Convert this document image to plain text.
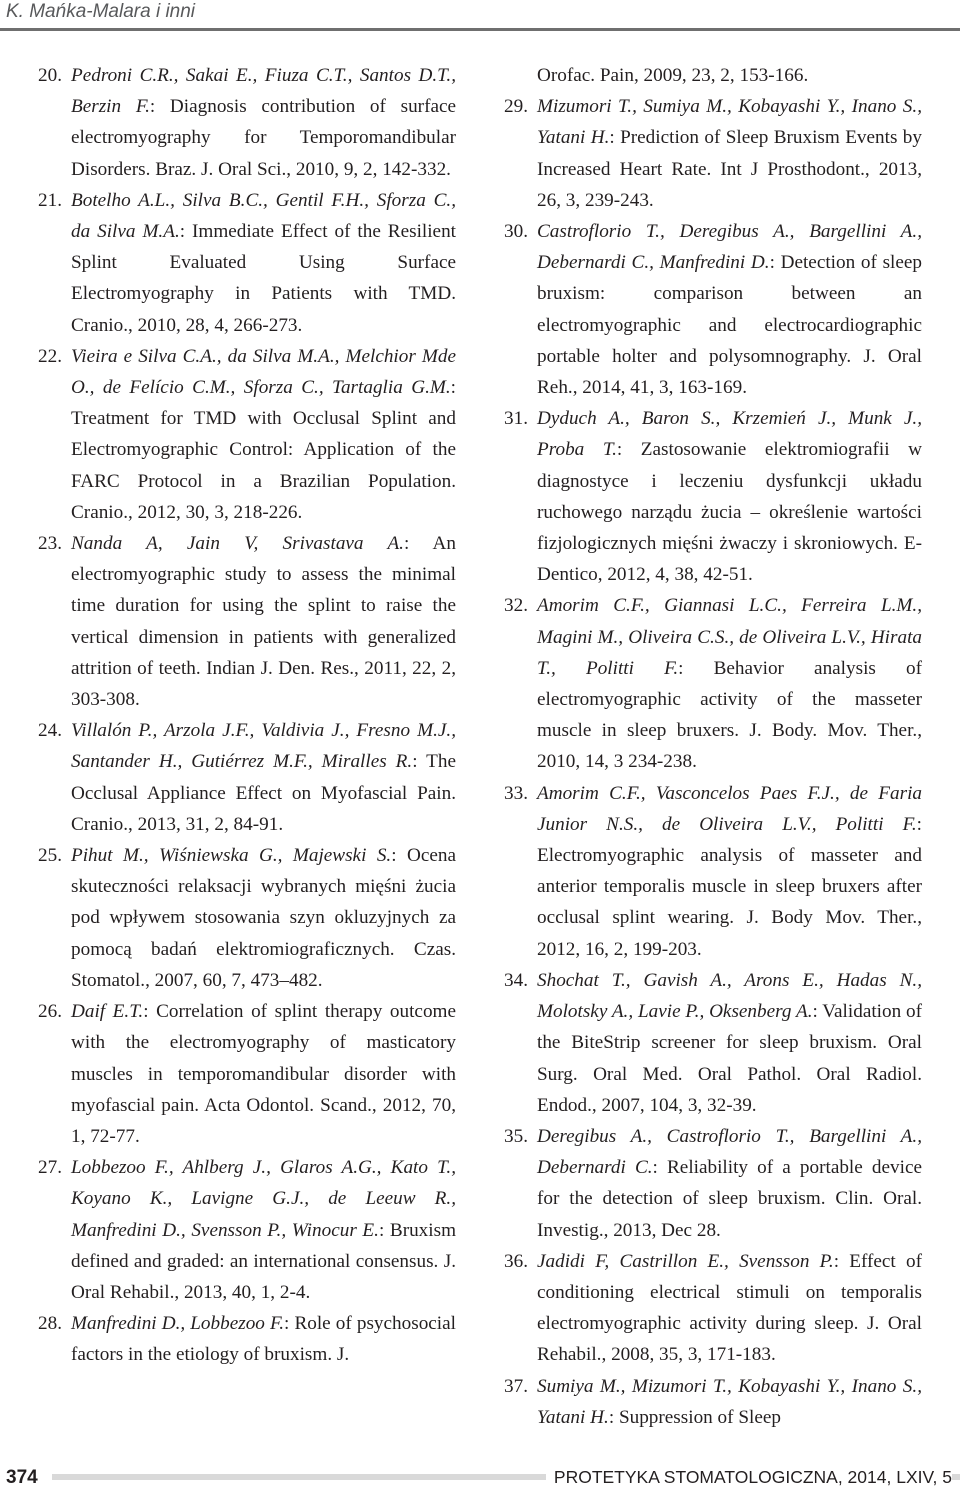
K. Mańka-Malara i inni
20. Pedroni C.R., Sakai E., Fiuza C.T., Santos D.T., Berzin F.: Diagnosis contribution of surface electromyography for Temporomandibular Disorders. Braz. J. Oral Sci., 2010, 9, 2, 142-332.
21. Botelho A.L., Silva B.C., Gentil F.H., Sforza C., da Silva M.A.: Immediate Effect of the Resilient Splint Evaluated Using Surface Electromyography in Patients with TMD. Cranio., 2010, 28, 4, 266-273.
22. Vieira e Silva C.A., da Silva M.A., Melchior Mde O., de Felício C.M., Sforza C., Tartaglia G.M.: Treatment for TMD with Occlusal Splint and Electromyographic Control: Application of the FARC Protocol in a Brazilian Population. Cranio., 2012, 30, 3, 218-226.
23. Nanda A, Jain V, Srivastava A.: An electromyographic study to assess the minimal time duration for using the splint to raise the vertical dimension in patients with generalized attrition of teeth. Indian J. Den. Res., 2011, 22, 2, 303-308.
24. Villalón P., Arzola J.F., Valdivia J., Fresno M.J., Santander H., Gutiérrez M.F., Miralles R.: The Occlusal Appliance Effect on Myofascial Pain. Cranio., 2013, 31, 2, 84-91.
25. Pihut M., Wiśniewska G., Majewski S.: Ocena skuteczności relaksacji wybranych mięśni żucia pod wpływem stosowania szyn okluzyjnych za pomocą badań elektromiograficznych. Czas. Stomatol., 2007, 60, 7, 473–482.
26. Daif E.T.: Correlation of splint therapy outcome with the electromyography of masticatory muscles in temporomandibular disorder with myofascial pain. Acta Odontol. Scand., 2012, 70, 1, 72-77.
27. Lobbezoo F., Ahlberg J., Glaros A.G., Kato T., Koyano K., Lavigne G.J., de Leeuw R., Manfredini D., Svensson P., Winocur E.: Bruxism defined and graded: an international consensus. J. Oral Rehabil., 2013, 40, 1, 2-4.
28. Manfredini D., Lobbezoo F.: Role of psychosocial factors in the etiology of bruxism. J.
Orofac. Pain, 2009, 23, 2, 153-166.
29. Mizumori T., Sumiya M., Kobayashi Y., Inano S., Yatani H.: Prediction of Sleep Bruxism Events by Increased Heart Rate. Int J Prosthodont., 2013, 26, 3, 239-243.
30. Castroflorio T., Deregibus A., Bargellini A., Debernardi C., Manfredini D.: Detection of sleep bruxism: comparison between an electromyographic and electrocardiographic portable holter and polysomnography. J. Oral Reh., 2014, 41, 3, 163-169.
31. Dyduch A., Baron S., Krzemień J., Munk J., Proba T.: Zastosowanie elektromiografii w diagnostyce i leczeniu dysfunkcji układu ruchowego narządu żucia – określenie wartości fizjologicznych mięśni żwaczy i skroniowych. E-Dentico, 2012, 4, 38, 42-51.
32. Amorim C.F., Giannasi L.C., Ferreira L.M., Magini M., Oliveira C.S., de Oliveira L.V., Hirata T., Politti F.: Behavior analysis of electromyographic activity of the masseter muscle in sleep bruxers. J. Body. Mov. Ther., 2010, 14, 3 234-238.
33. Amorim C.F., Vasconcelos Paes F.J., de Faria Junior N.S., de Oliveira L.V., Politti F.: Electromyographic analysis of masseter and anterior temporalis muscle in sleep bruxers after occlusal splint wearing. J. Body Mov. Ther., 2012, 16, 2, 199-203.
34. Shochat T., Gavish A., Arons E., Hadas N., Molotsky A., Lavie P., Oksenberg A.: Validation of the BiteStrip screener for sleep bruxism. Oral Surg. Oral Med. Oral Pathol. Oral Radiol. Endod., 2007, 104, 3, 32-39.
35. Deregibus A., Castroflorio T., Bargellini A., Debernardi C.: Reliability of a portable device for the detection of sleep bruxism. Clin. Oral. Investig., 2013, Dec 28.
36. Jadidi F, Castrillon E., Svensson P.: Effect of conditioning electrical stimuli on temporalis electromyographic activity during sleep. J. Oral Rehabil., 2008, 35, 3, 171-183.
37. Sumiya M., Mizumori T., Kobayashi Y., Inano S., Yatani H.: Suppression of Sleep
374	PROTETYKA STOMATOLOGICZNA, 2014, LXIV, 5
